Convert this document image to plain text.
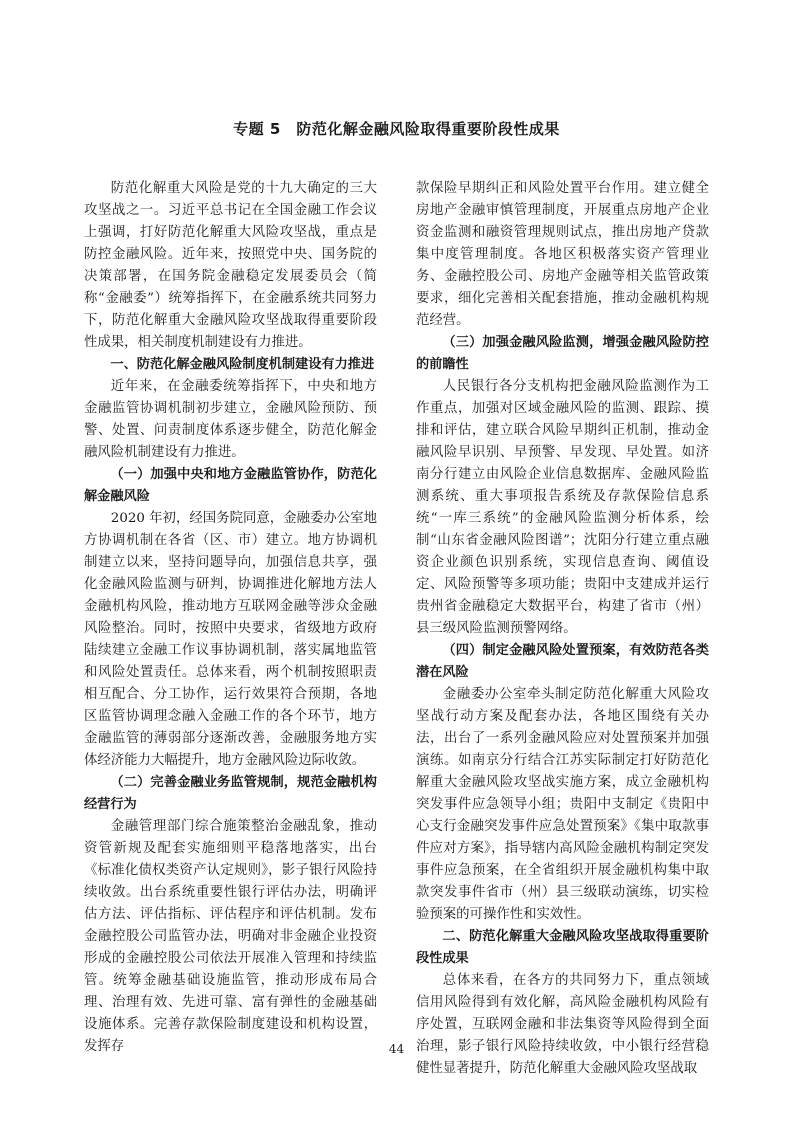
专题 5　防范化解金融风险取得重要阶段性成果

防范化解重大风险是党的十九大确定的三大攻坚战之一。习近平总书记在全国金融工作会议上强调，打好防范化解重大风险攻坚战，重点是防控金融风险。近年来，按照党中央、国务院的决策部署，在国务院金融稳定发展委员会（简称“金融委”）统筹指挥下，在金融系统共同努力下，防范化解重大金融风险攻坚战取得重要阶段性成果，相关制度机制建设有力推进。

一、防范化解金融风险制度机制建设有力推进

近年来，在金融委统筹指挥下，中央和地方金融监管协调机制初步建立，金融风险预防、预警、处置、问责制度体系逐步健全，防范化解金融风险机制建设有力推进。

（一）加强中央和地方金融监管协作，防范化解金融风险

2020 年初，经国务院同意，金融委办公室地方协调机制在各省（区、市）建立。地方协调机制建立以来，坚持问题导向，加强信息共享，强化金融风险监测与研判，协调推进化解地方法人金融机构风险，推动地方互联网金融等涉众金融风险整治。同时，按照中央要求，省级地方政府陆续建立金融工作议事协调机制，落实属地监管和风险处置责任。总体来看，两个机制按照职责相互配合、分工协作，运行效果符合预期，各地区监管协调理念融入金融工作的各个环节，地方金融监管的薄弱部分逐渐改善，金融服务地方实体经济能力大幅提升，地方金融风险边际收敛。

（二）完善金融业务监管规制，规范金融机构经营行为

金融管理部门综合施策整治金融乱象，推动资管新规及配套实施细则平稳落地落实，出台《标准化债权类资产认定规则》，影子银行风险持续收敛。出台系统重要性银行评估办法，明确评估方法、评估指标、评估程序和评估机制。发布金融控股公司监管办法，明确对非金融企业投资形成的金融控股公司依法开展准入管理和持续监管。统筹金融基础设施监管，推动形成布局合理、治理有效、先进可靠、富有弹性的金融基础设施体系。完善存款保险制度建设和机构设置，发挥存

款保险早期纠正和风险处置平台作用。建立健全房地产金融审慎管理制度，开展重点房地产企业资金监测和融资管理规则试点，推出房地产贷款集中度管理制度。各地区积极落实资产管理业务、金融控股公司、房地产金融等相关监管政策要求，细化完善相关配套措施，推动金融机构规范经营。

（三）加强金融风险监测，增强金融风险防控的前瞻性

人民银行各分支机构把金融风险监测作为工作重点，加强对区域金融风险的监测、跟踪、摸排和评估，建立联合风险早期纠正机制，推动金融风险早识别、早预警、早发现、早处置。如济南分行建立由风险企业信息数据库、金融风险监测系统、重大事项报告系统及存款保险信息系统“一库三系统”的金融风险监测分析体系，绘制“山东省金融风险图谱”；沈阳分行建立重点融资企业颜色识别系统，实现信息查询、阈值设定、风险预警等多项功能；贵阳中支建成并运行贵州省金融稳定大数据平台，构建了省市（州）县三级风险监测预警网络。

（四）制定金融风险处置预案，有效防范各类潜在风险

金融委办公室牵头制定防范化解重大风险攻坚战行动方案及配套办法，各地区围绕有关办法，出台了一系列金融风险应对处置预案并加强演练。如南京分行结合江苏实际制定打好防范化解重大金融风险攻坚战实施方案，成立金融机构突发事件应急领导小组；贵阳中支制定《贵阳中心支行金融突发事件应急处置预案》《集中取款事件应对方案》，指导辖内高风险金融机构制定突发事件应急预案，在全省组织开展金融机构集中取款突发事件省市（州）县三级联动演练，切实检验预案的可操作性和实效性。

二、防范化解重大金融风险攻坚战取得重要阶段性成果

总体来看，在各方的共同努力下，重点领域信用风险得到有效化解，高风险金融机构风险有序处置，互联网金融和非法集资等风险得到全面治理，影子银行风险持续收敛，中小银行经营稳健性显著提升，防范化解重大金融风险攻坚战取

44
